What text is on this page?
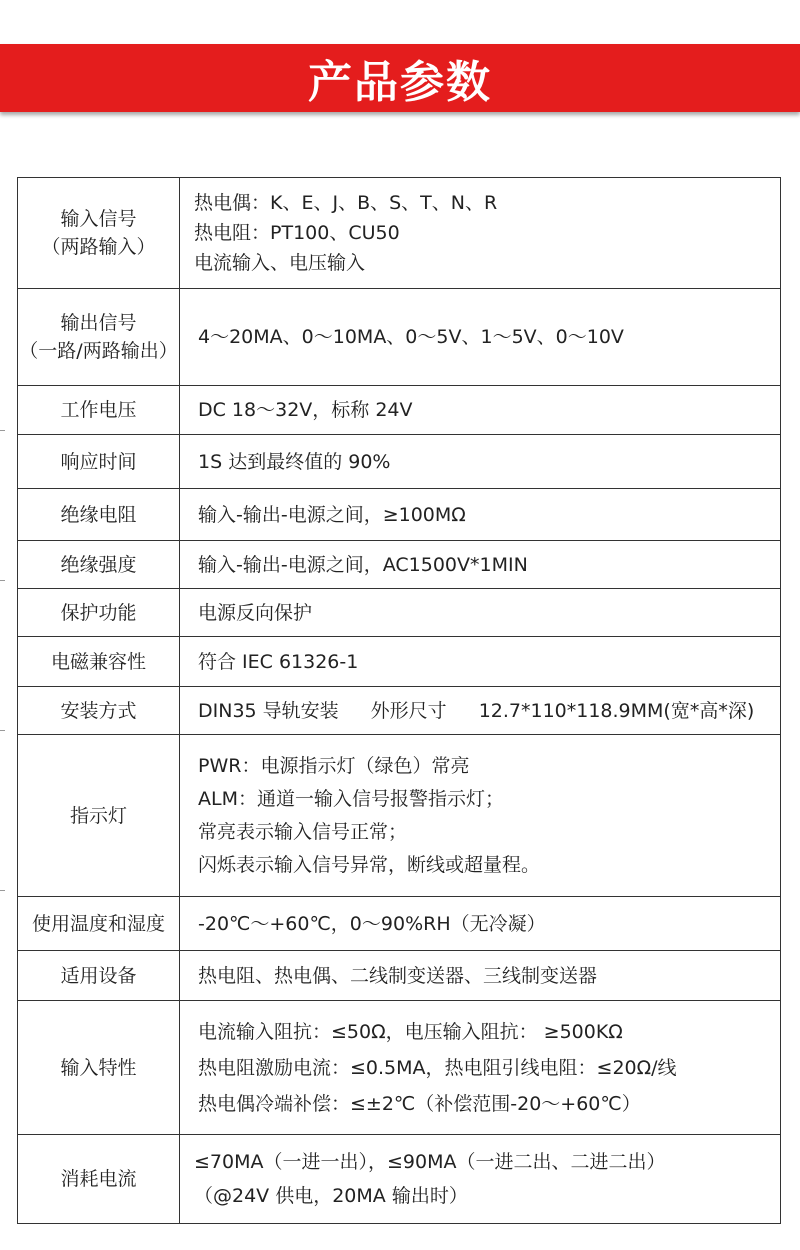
产品参数
输入信号
（两路输入）	热电偶：K、E、J、B、S、T、N、R
热电阻：PT100、CU50
电流输入、电压输入

输出信号
（一路/两路输出）	4～20MA、0～10MA、0～5V、1～5V、0～10V

工作电压	DC 18～32V，标称 24V

响应时间	1S 达到最终值的 90%

绝缘电阻	输入-输出-电源之间，≥100MΩ

绝缘强度	输入-输出-电源之间，AC1500V*1MIN

保护功能	电源反向保护

电磁兼容性	符合 IEC 61326-1

安装方式	DIN35 导轨安装 外形尺寸 12.7*110*118.9MM(宽*高*深)

指示灯	PWR：电源指示灯（绿色）常亮
ALM：通道一输入信号报警指示灯；
常亮表示输入信号正常；
闪烁表示输入信号异常，断线或超量程。

使用温度和湿度	-20℃～+60℃，0～90%RH（无冷凝）

适用设备	热电阻、热电偶、二线制变送器、三线制变送器

输入特性	电流输入阻抗：≤50Ω，电压输入阻抗： ≥500KΩ
热电阻激励电流：≤0.5MA，热电阻引线电阻：≤20Ω/线
热电偶冷端补偿：≤±2℃（补偿范围-20～+60℃）

消耗电流	≤70MA（一进一出），≤90MA（一进二出、二进二出）
（@24V 供电，20MA 输出时）
